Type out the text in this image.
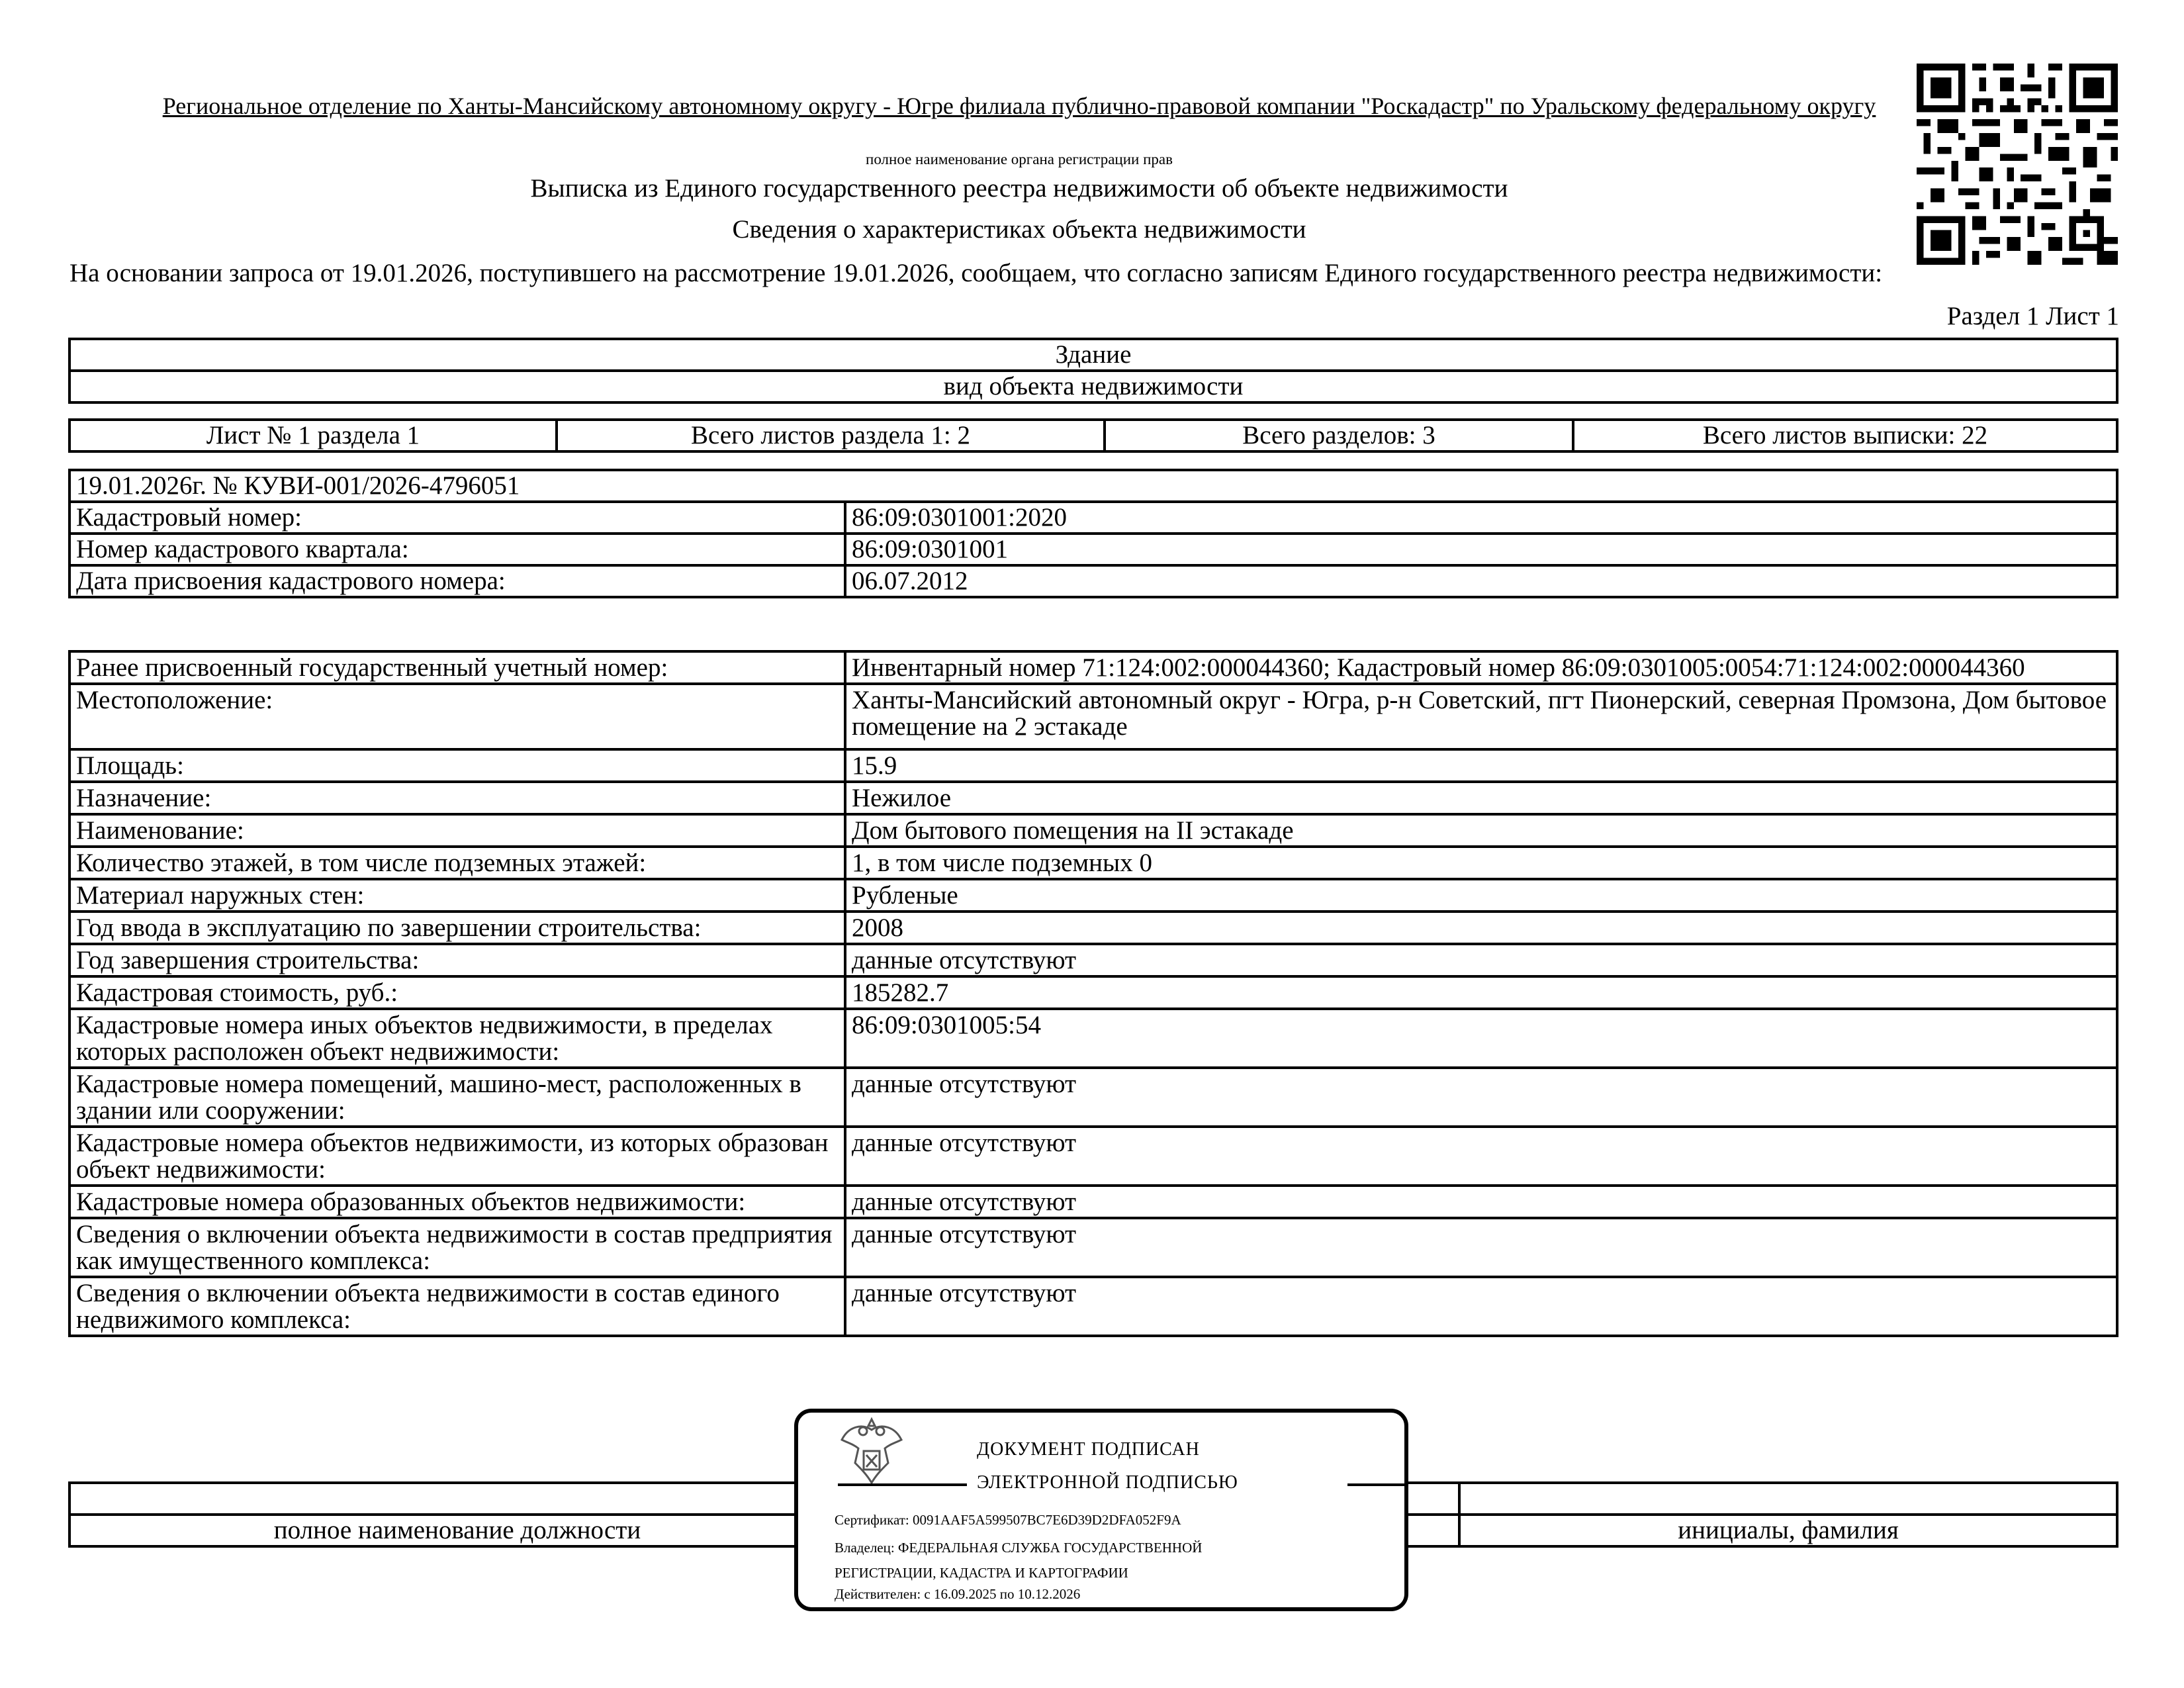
Региональное отделение по Ханты-Мансийскому автономному округу - Югре филиала публично-правовой компании "Роскадастр" по Уральскому федеральному округу
полное наименование органа регистрации прав
Выписка из Единого государственного реестра недвижимости об объекте недвижимости
Сведения о характеристиках объекта недвижимости
На основании запроса от 19.01.2026, поступившего на рассмотрение 19.01.2026, сообщаем, что согласно записям Единого государственного реестра недвижимости:
Раздел 1 Лист 1
Здание
вид объекта недвижимости
Лист № 1 раздела 1	Всего листов раздела 1: 2	Всего разделов: 3	Всего листов выписки: 22
19.01.2026г. № КУВИ-001/2026-4796051	
Кадастровый номер:	86:09:0301001:2020
Номер кадастрового квартала:	86:09:0301001
Дата присвоения кадастрового номера:	06.07.2012
Ранее присвоенный государственный учетный номер:	Инвентарный номер 71:124:002:000044360; Кадастровый номер 86:09:0301005:0054:71:124:002:000044360
Местоположение:	Ханты-Мансийский автономный округ - Югра, р-н Советский, пгт Пионерский, северная Промзона, Дом бытовое помещение на 2 эстакаде
Площадь:	15.9
Назначение:	Нежилое
Наименование:	Дом бытового помещения на II эстакаде
Количество этажей, в том числе подземных этажей:	1, в том числе подземных 0
Материал наружных стен:	Рубленые
Год ввода в эксплуатацию по завершении строительства:	2008
Год завершения строительства:	данные отсутствуют
Кадастровая стоимость, руб.:	185282.7
Кадастровые номера иных объектов недвижимости, в пределах которых расположен объект недвижимости:	86:09:0301005:54
Кадастровые номера помещений, машино-мест, расположенных в здании или сооружении:	данные отсутствуют
Кадастровые номера объектов недвижимости, из которых образован объект недвижимости:	данные отсутствуют
Кадастровые номера образованных объектов недвижимости:	данные отсутствуют
Сведения о включении объекта недвижимости в состав предприятия как имущественного комплекса:	данные отсутствуют
Сведения о включении объекта недвижимости в состав единого недвижимого комплекса:	данные отсутствуют

полное наименование должности		инициалы, фамилия
ДОКУМЕНТ ПОДПИСАН
ЭЛЕКТРОННОЙ ПОДПИСЬЮ
Сертификат: 0091AAF5A599507BC7E6D39D2DFA052F9A
Владелец: ФЕДЕРАЛЬНАЯ СЛУЖБА ГОСУДАРСТВЕННОЙ
РЕГИСТРАЦИИ, КАДАСТРА И КАРТОГРАФИИ
Действителен: с 16.09.2025 по 10.12.2026
